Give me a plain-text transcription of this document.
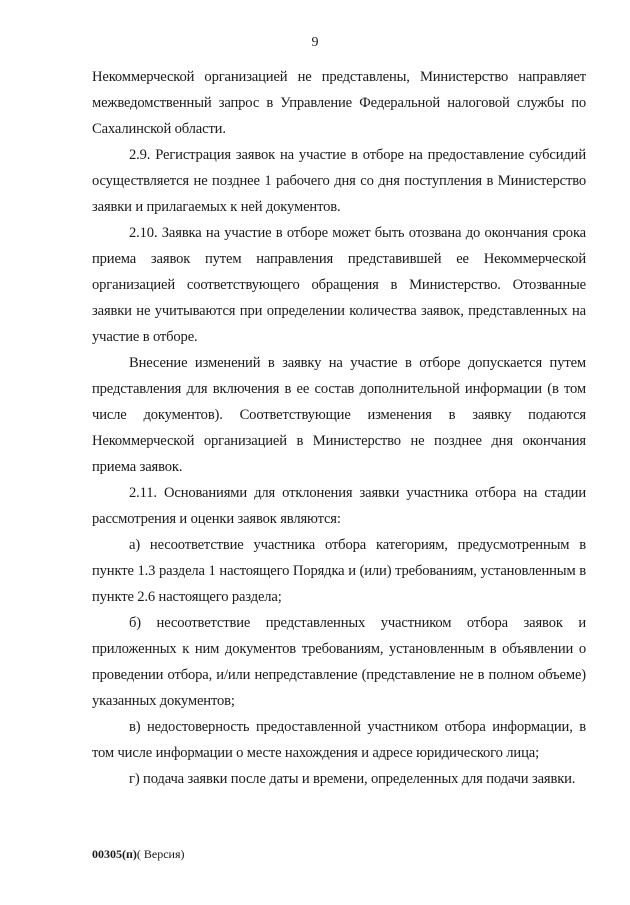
9

Некоммерческой организацией не представлены, Министерство направляет межведомственный запрос в Управление Федеральной налоговой службы по Сахалинской области.

2.9. Регистрация заявок на участие в отборе на предоставление субсидий осуществляется не позднее 1 рабочего дня со дня поступления в Министерство заявки и прилагаемых к ней документов.

2.10. Заявка на участие в отборе может быть отозвана до окончания срока приема заявок путем направления представившей ее Некоммерческой организацией соответствующего обращения в Министерство. Отозванные заявки не учитываются при определении количества заявок, представленных на участие в отборе.

Внесение изменений в заявку на участие в отборе допускается путем представления для включения в ее состав дополнительной информации (в том числе документов). Соответствующие изменения в заявку подаются Некоммерческой организацией в Министерство не позднее дня окончания приема заявок.

2.11. Основаниями для отклонения заявки участника отбора на стадии рассмотрения и оценки заявок являются:

а) несоответствие участника отбора категориям, предусмотренным в пункте 1.3 раздела 1 настоящего Порядка и (или) требованиям, установленным в пункте 2.6 настоящего раздела;

б) несоответствие представленных участником отбора заявок и приложенных к ним документов требованиям, установленным в объявлении о проведении отбора, и/или непредставление (представление не в полном объеме) указанных документов;

в) недостоверность предоставленной участником отбора информации, в том числе информации о месте нахождения и адресе юридического лица;

г) подача заявки после даты и времени, определенных для подачи заявки.

00305(п)( Версия)
